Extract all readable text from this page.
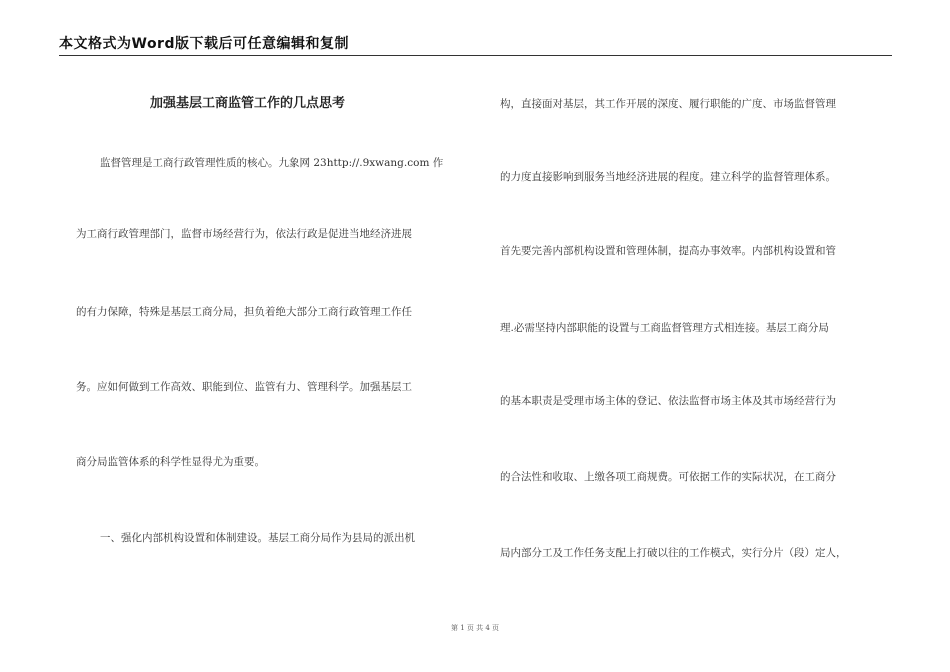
本文格式为Word版下载后可任意编辑和复制
加强基层工商监管工作的几点思考
监督管理是工商行政管理性质的核心。九象网 23http://.9xwang.com 作
为工商行政管理部门，监督市场经营行为，依法行政是促进当地经济进展
的有力保障，特殊是基层工商分局，担负着绝大部分工商行政管理工作任
务。应如何做到工作高效、职能到位、监管有力、管理科学。加强基层工
商分局监管体系的科学性显得尤为重要。
一、强化内部机构设置和体制建设。基层工商分局作为县局的派出机
构，直接面对基层，其工作开展的深度、履行职能的广度、市场监督管理
的力度直接影响到服务当地经济进展的程度。建立科学的监督管理体系。
首先要完善内部机构设置和管理体制，提高办事效率。内部机构设置和管
理.必需坚持内部职能的设置与工商监督管理方式相连接。基层工商分局
的基本职责是受理市场主体的登记、依法监督市场主体及其市场经营行为
的合法性和收取、上缴各项工商规费。可依据工作的实际状况，在工商分
局内部分工及工作任务支配上打破以往的工作模式，实行分片（段）定人，
第 1 页 共 4 页
